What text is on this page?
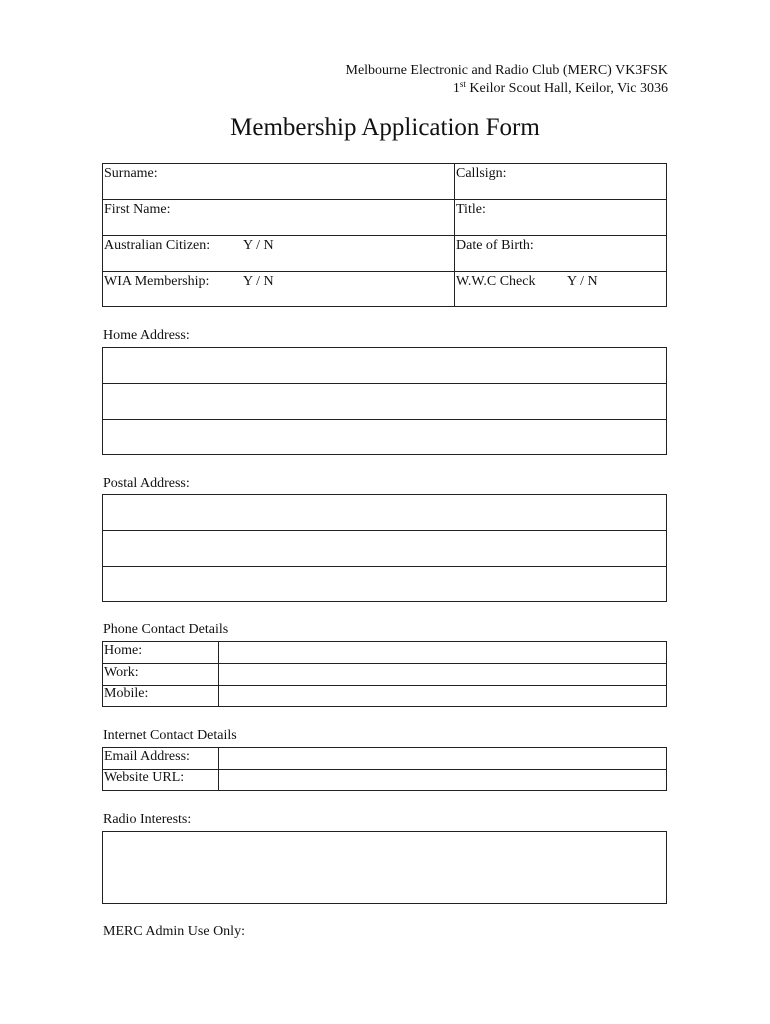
Melbourne Electronic and Radio Club (MERC) VK3FSK
1st Keilor Scout Hall, Keilor, Vic 3036
Membership Application Form
Surname:	Callsign:
First Name:	Title:
Australian Citizen: Y / N	Date of Birth:
WIA Membership: Y / N	W.W.C Check Y / N
Home Address:
Postal Address:
Phone Contact Details
Home:
Work:
Mobile:
Internet Contact Details
Email Address:
Website URL:
Radio Interests:
MERC Admin Use Only:
